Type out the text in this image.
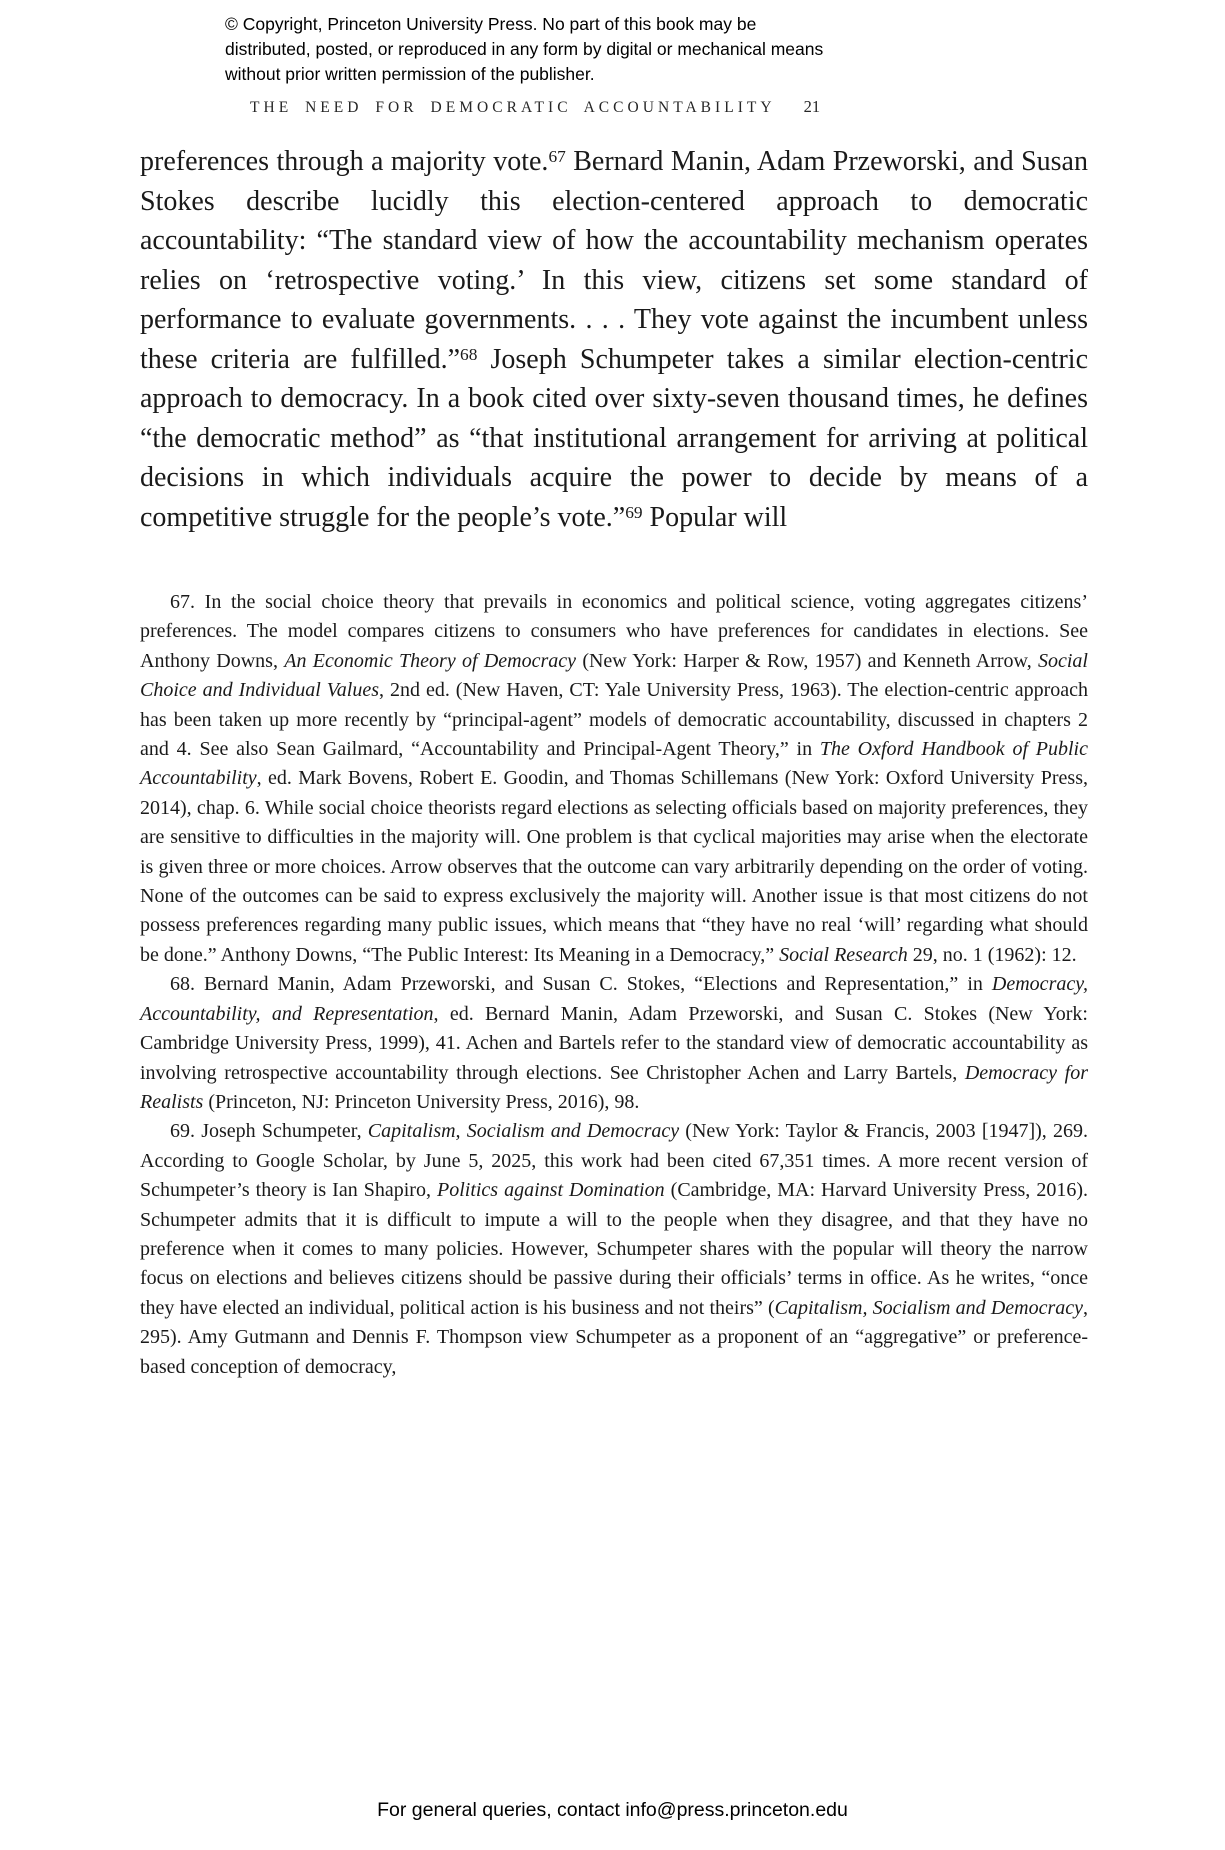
© Copyright, Princeton University Press. No part of this book may be distributed, posted, or reproduced in any form by digital or mechanical means without prior written permission of the publisher.
THE NEED FOR DEMOCRATIC ACCOUNTABILITY 21
preferences through a majority vote.$^{67}$ Bernard Manin, Adam Przeworski, and Susan Stokes describe lucidly this election-centered approach to democratic accountability: “The standard view of how the accountability mechanism operates relies on ‘retrospective voting.’ In this view, citizens set some standard of performance to evaluate governments. . . . They vote against the incumbent unless these criteria are fulfilled.”$^{68}$ Joseph Schumpeter takes a similar election-centric approach to democracy. In a book cited over sixty-seven thousand times, he defines “the democratic method” as “that institutional arrangement for arriving at political decisions in which individuals acquire the power to decide by means of a competitive struggle for the people’s vote.”$^{69}$ Popular will

67. In the social choice theory that prevails in economics and political science, voting aggregates citizens’ preferences. The model compares citizens to consumers who have preferences for candidates in elections. See Anthony Downs, An Economic Theory of Democracy (New York: Harper & Row, 1957) and Kenneth Arrow, Social Choice and Individual Values, 2nd ed. (New Haven, CT: Yale University Press, 1963). The election-centric approach has been taken up more recently by “principal-agent” models of democratic accountability, discussed in chapters 2 and 4. See also Sean Gailmard, “Accountability and Principal-Agent Theory,” in The Oxford Handbook of Public Accountability, ed. Mark Bovens, Robert E. Goodin, and Thomas Schillemans (New York: Oxford University Press, 2014), chap. 6. While social choice theorists regard elections as selecting officials based on majority preferences, they are sensitive to difficulties in the majority will. One problem is that cyclical majorities may arise when the electorate is given three or more choices. Arrow observes that the outcome can vary arbitrarily depending on the order of voting. None of the outcomes can be said to express exclusively the majority will. Another issue is that most citizens do not possess preferences regarding many public issues, which means that “they have no real ‘will’ regarding what should be done.” Anthony Downs, “The Public Interest: Its Meaning in a Democracy,” Social Research 29, no. 1 (1962): 12.

68. Bernard Manin, Adam Przeworski, and Susan C. Stokes, “Elections and Representation,” in Democracy, Accountability, and Representation, ed. Bernard Manin, Adam Przeworski, and Susan C. Stokes (New York: Cambridge University Press, 1999), 41. Achen and Bartels refer to the standard view of democratic accountability as involving retrospective accountability through elections. See Christopher Achen and Larry Bartels, Democracy for Realists (Princeton, NJ: Princeton University Press, 2016), 98.

69. Joseph Schumpeter, Capitalism, Socialism and Democracy (New York: Taylor & Francis, 2003 [1947]), 269. According to Google Scholar, by June 5, 2025, this work had been cited 67,351 times. A more recent version of Schumpeter’s theory is Ian Shapiro, Politics against Domination (Cambridge, MA: Harvard University Press, 2016). Schumpeter admits that it is difficult to impute a will to the people when they disagree, and that they have no preference when it comes to many policies. However, Schumpeter shares with the popular will theory the narrow focus on elections and believes citizens should be passive during their officials’ terms in office. As he writes, “once they have elected an individual, political action is his business and not theirs” (Capitalism, Socialism and Democracy, 295). Amy Gutmann and Dennis F. Thompson view Schumpeter as a proponent of an “aggregative” or preference-based conception of democracy,

For general queries, contact info@press.princeton.edu
